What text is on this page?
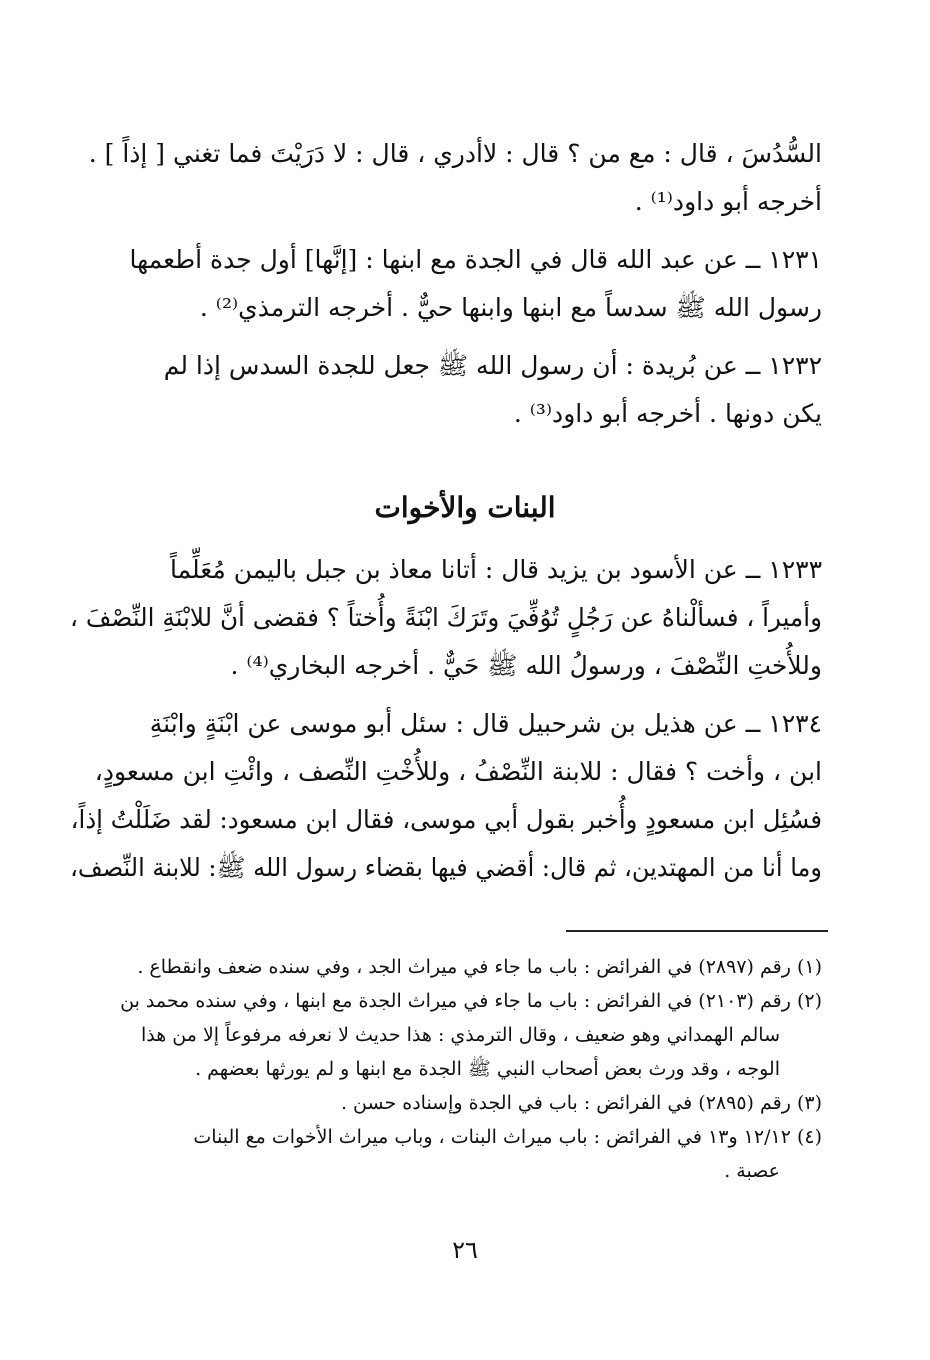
السُّدُسَ ، قال : مع من ؟ قال : لاأدري ، قال : لا دَرَيْتَ فما تغني [ إذاً ] .
أخرجه أبو داود⁽¹⁾ .
١٢٣١ ــ عن عبد الله قال في الجدة مع ابنها : [إنَّها] أول جدة أطعمها
رسول الله ﷺ سدساً مع ابنها وابنها حيٌّ . أخرجه الترمذي⁽²⁾ .
١٢٣٢ ــ عن بُريدة : أن رسول الله ﷺ جعل للجدة السدس إذا لم
يكن دونها . أخرجه أبو داود⁽³⁾ .
البنات والأخوات
١٢٣٣ ــ عن الأسود بن يزيد قال : أتانا معاذ بن جبل باليمن مُعَلِّماً
وأميراً ، فسألْناهُ عن رَجُلٍ تُوُفِّيَ وتَرَكَ ابْنَةً وأُختاً ؟ فقضى أنَّ للابْنَةِ النِّصْفَ ،
وللأُختِ النِّصْفَ ، ورسولُ الله ﷺ حَيٌّ . أخرجه البخاري⁽⁴⁾ .
١٢٣٤ ــ عن هذيل بن شرحبيل قال : سئل أبو موسى عن ابْنَةٍ وابْنَةِ
ابن ، وأخت ؟ فقال : للابنة النِّصْفُ ، وللأُخْتِ النِّصف ، وائْتِ ابن مسعودٍ،
فسُئِل ابن مسعودٍ وأُخبر بقول أبي موسى، فقال ابن مسعود: لقد ضَلَلْتُ إذاً،
وما أنا من المهتدين، ثم قال: أقضي فيها بقضاء رسول الله ﷺ: للابنة النِّصف،
(١) رقم (٢٨٩٧) في الفرائض : باب ما جاء في ميراث الجد ، وفي سنده ضعف وانقطاع .
(٢) رقم (٢١٠٣) في الفرائض : باب ما جاء في ميراث الجدة مع ابنها ، وفي سنده محمد بن
سالم الهمداني وهو ضعيف ، وقال الترمذي : هذا حديث لا نعرفه مرفوعاً إلا من هذا
الوجه ، وقد ورث بعض أصحاب النبي ﷺ الجدة مع ابنها و لم يورثها بعضهم .
(٣) رقم (٢٨٩٥) في الفرائض : باب في الجدة وإسناده حسن .
(٤) ١٢/١٢ و١٣ في الفرائض : باب ميراث البنات ، وباب ميراث الأخوات مع البنات
عصبة .
٢٦
